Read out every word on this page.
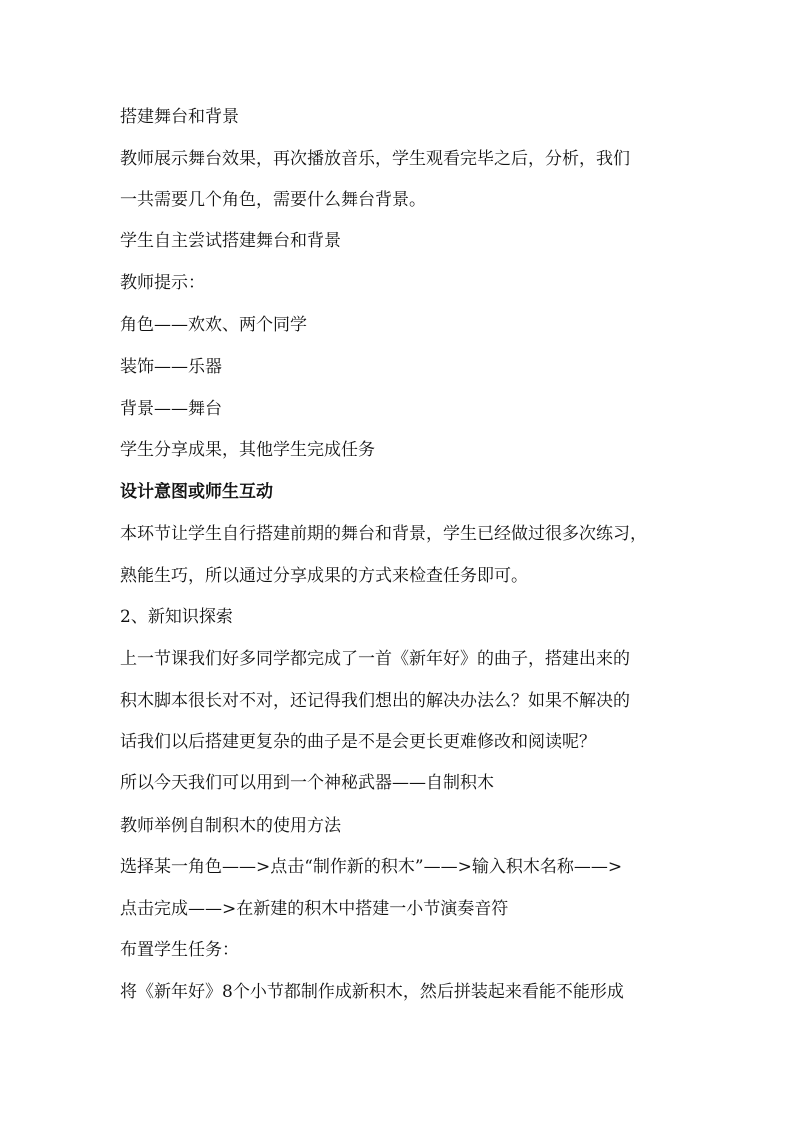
搭建舞台和背景
教师展示舞台效果，再次播放音乐，学生观看完毕之后，分析，我们
一共需要几个角色，需要什么舞台背景。
学生自主尝试搭建舞台和背景
教师提示：
角色——欢欢、两个同学
装饰——乐器
背景——舞台
学生分享成果，其他学生完成任务
设计意图或师生互动
本环节让学生自行搭建前期的舞台和背景，学生已经做过很多次练习，
熟能生巧，所以通过分享成果的方式来检查任务即可。
2、新知识探索
上一节课我们好多同学都完成了一首《新年好》的曲子，搭建出来的
积木脚本很长对不对，还记得我们想出的解决办法么？如果不解决的
话我们以后搭建更复杂的曲子是不是会更长更难修改和阅读呢？
所以今天我们可以用到一个神秘武器——自制积木
教师举例自制积木的使用方法
选择某一角色——>点击“制作新的积木”——>输入积木名称——>
点击完成——>在新建的积木中搭建一小节演奏音符
布置学生任务：
将《新年好》8个小节都制作成新积木，然后拼装起来看能不能形成
